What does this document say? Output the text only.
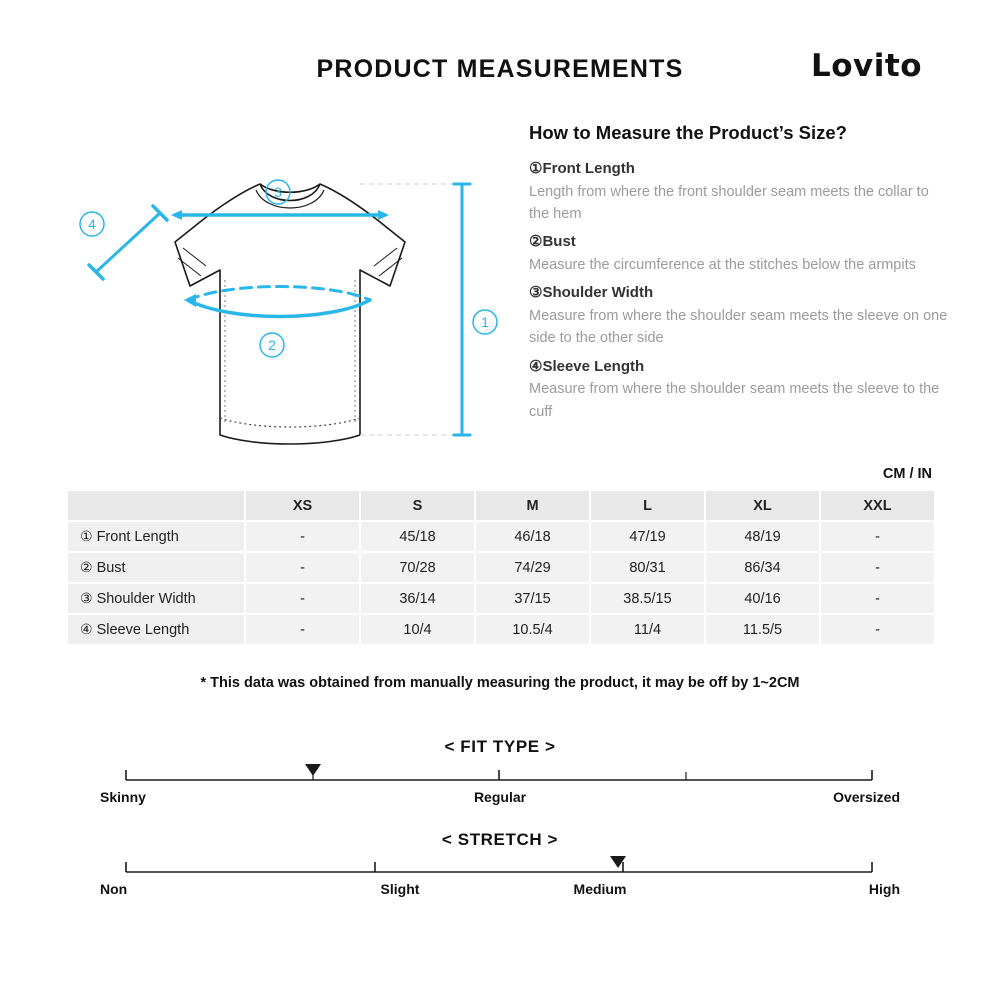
PRODUCT MEASUREMENTS	Lovito
1
2
3
4
How to Measure the Product’s Size?
①Front Length
Length from where the front shoulder seam meets the collar to the hem
②Bust
Measure the circumference at the stitches below the armpits
③Shoulder Width
Measure from where the shoulder seam meets the sleeve on one side to the other side
④Sleeve Length
Measure from where the shoulder seam meets the sleeve to the cuff
CM / IN
	XS	S	M	L	XL	XXL
① Front Length	-	45/18	46/18	47/19	48/19	-
② Bust	-	70/28	74/29	80/31	86/34	-
③ Shoulder Width	-	36/14	37/15	38.5/15	40/16	-
④ Sleeve Length	-	10/4	10.5/4	11/4	11.5/5	-
* This data was obtained from manually measuring the product, it may be off by 1~2CM
< FIT TYPE >
Skinny	Regular	Oversized
< STRETCH >
Non	Slight	Medium	High
